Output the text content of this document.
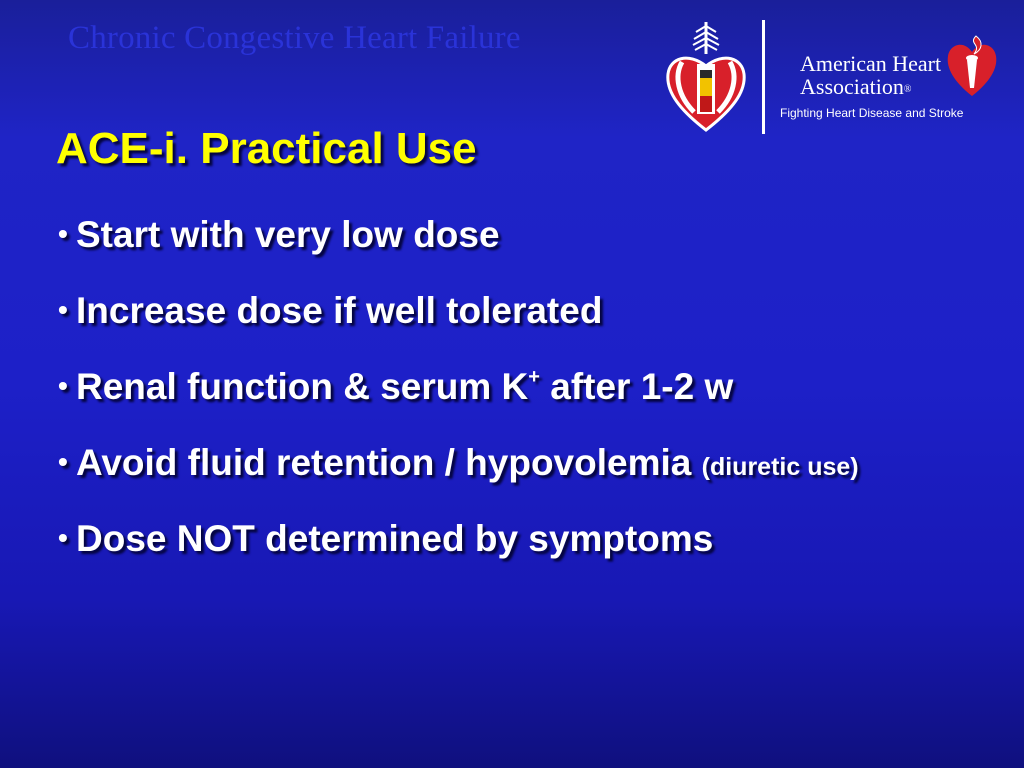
Chronic Congestive Heart Failure
American Heart
Association®
Fighting Heart Disease and Stroke
ACE-i. Practical Use
• Start with very low dose
• Increase dose if well tolerated
• Renal function & serum K+ after 1-2 w
• Avoid fluid retention / hypovolemia (diuretic use)
• Dose NOT determined by symptoms
